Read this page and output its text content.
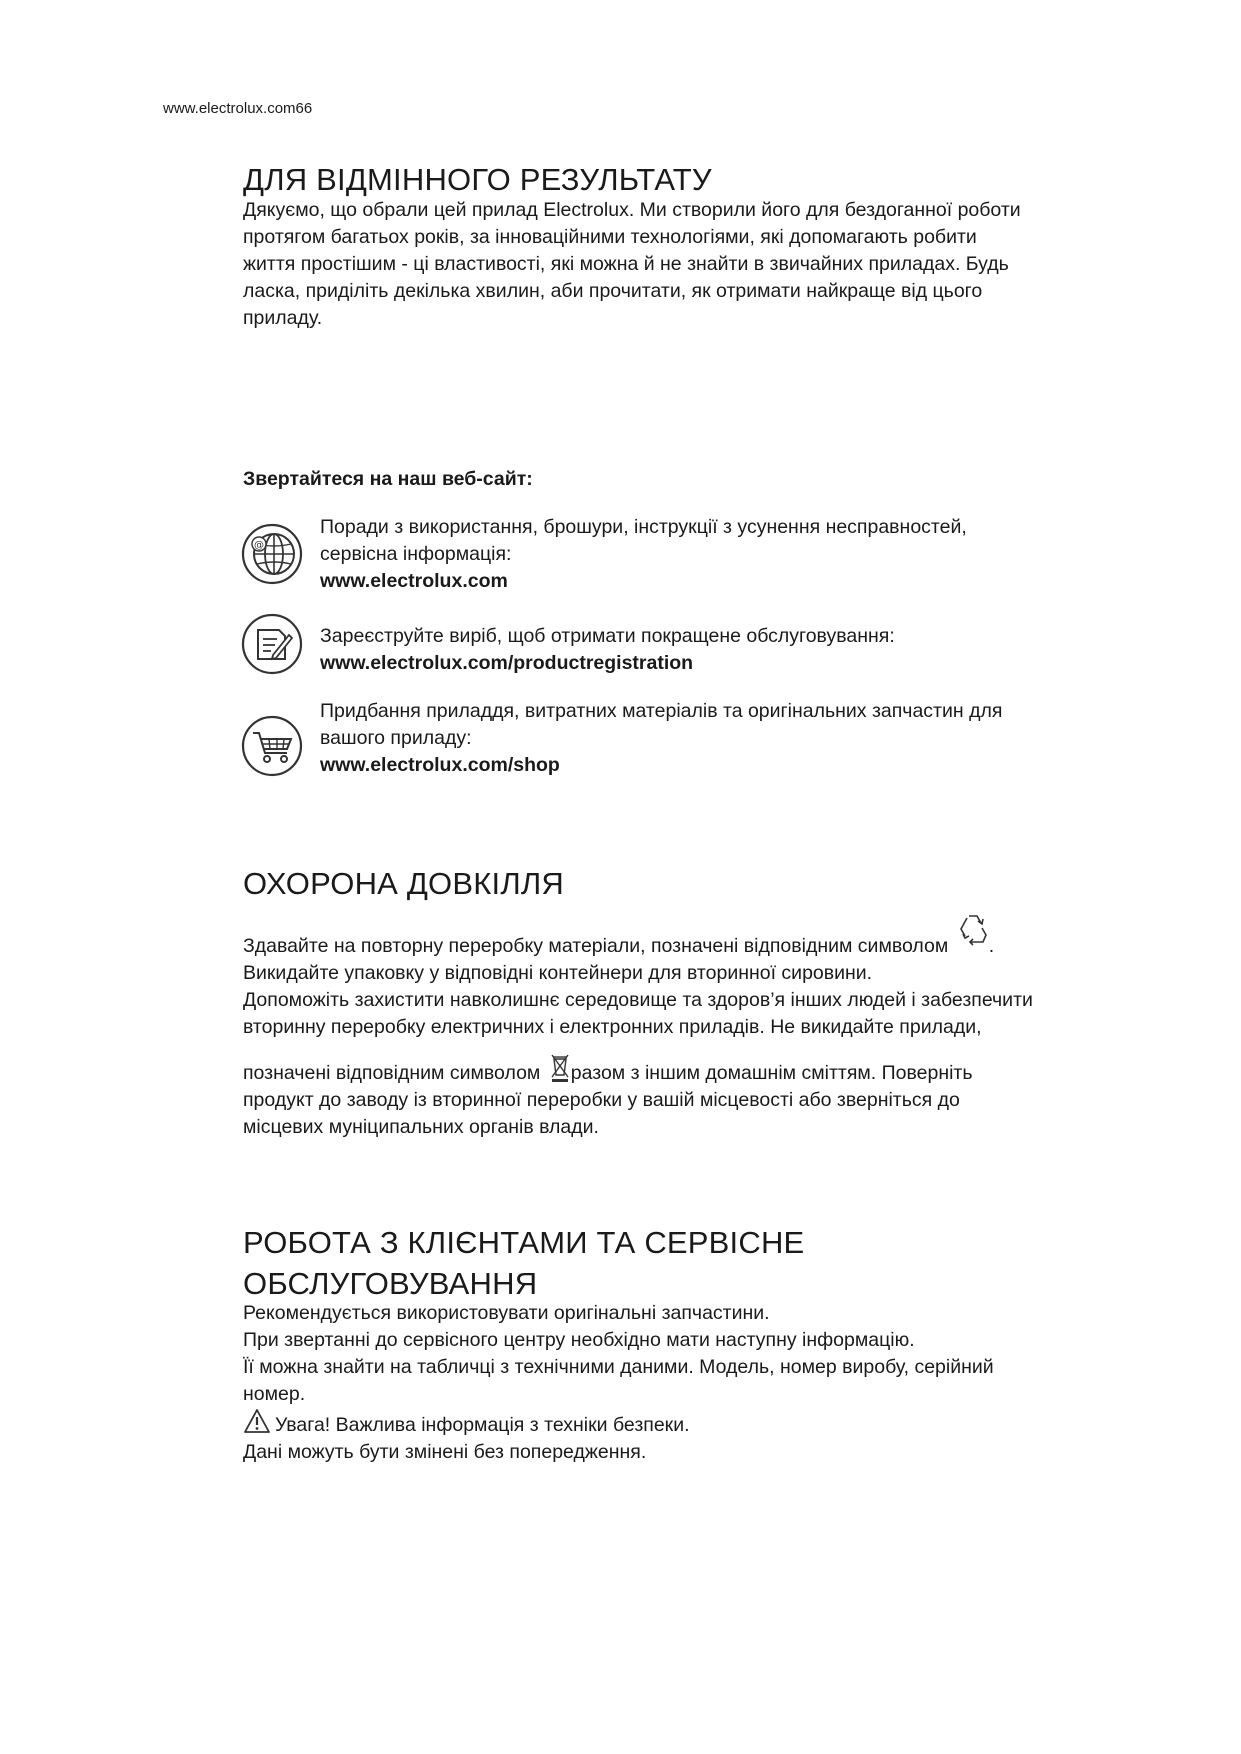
www.electrolux.com66
ДЛЯ ВІДМІННОГО РЕЗУЛЬТАТУ

Дякуємо, що обрали цей прилад Electrolux. Ми створили його для бездоганної роботи

протягом багатьох років, за інноваційними технологіями, які допомагають робити

життя простішим - ці властивості, які можна й не знайти в звичайних приладах. Будь

ласка, приділіть декілька хвилин, аби прочитати, як отримати найкраще від цього

приладу.

Звертайтеся на наш веб-сайт:
@

Поради з використання, брошури, інструкції з усунення несправностей,

сервісна інформація:

www.electrolux.com

Зареєструйте виріб, щоб отримати покращене обслуговування:

www.electrolux.com/productregistration

Придбання приладдя, витратних матеріалів та оригінальних запчастин для

вашого приладу:

www.electrolux.com/shop

ОХОРОНА ДОВКІЛЛЯ

Здавайте на повторну переробку матеріали, позначені відповідним символом .

Викидайте упаковку у відповідні контейнери для вторинної сировини.

Допоможіть захистити навколишнє середовище та здоров’я інших людей і забезпечити

вторинну переробку електричних і електронних приладів. Не викидайте прилади,

позначені відповідним символом разом з іншим домашнім сміттям. Поверніть

продукт до заводу із вторинної переробки у вашій місцевості або зверніться до

місцевих муніципальних органів влади.

РОБОТА З КЛІЄНТАМИ ТА СЕРВІСНЕ
ОБСЛУГОВУВАННЯ

Рекомендується використовувати оригінальні запчастини.

При звертанні до сервісного центру необхідно мати наступну інформацію.

Її можна знайти на табличці з технічними даними. Модель, номер виробу, серійний

номер.

Увага! Важлива інформація з техніки безпеки.

Дані можуть бути змінені без попередження.
